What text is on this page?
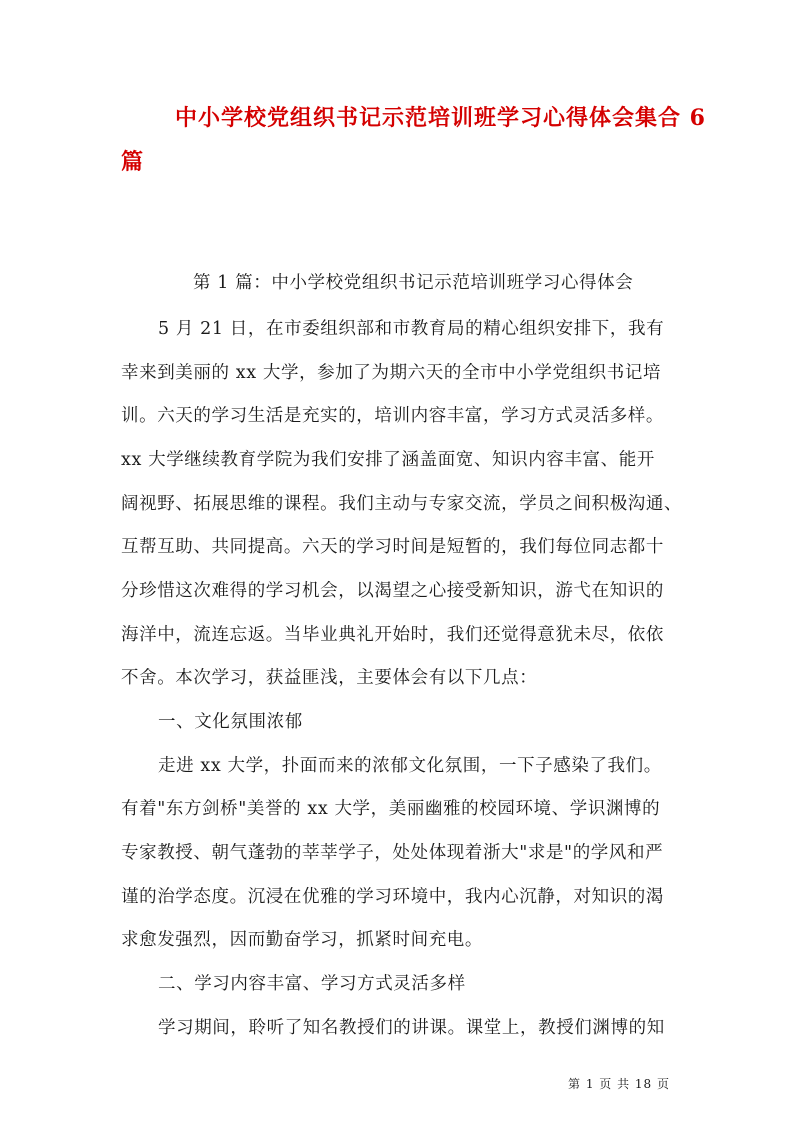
中小学校党组织书记示范培训班学习心得体会集合 6
篇
第 1 篇：中小学校党组织书记示范培训班学习心得体会
5 月 21 日，在市委组织部和市教育局的精心组织安排下，我有
幸来到美丽的 xx 大学，参加了为期六天的全市中小学党组织书记培
训。六天的学习生活是充实的，培训内容丰富，学习方式灵活多样。
xx 大学继续教育学院为我们安排了涵盖面宽、知识内容丰富、能开
阔视野、拓展思维的课程。我们主动与专家交流，学员之间积极沟通、
互帮互助、共同提高。六天的学习时间是短暂的，我们每位同志都十
分珍惜这次难得的学习机会，以渴望之心接受新知识，游弋在知识的
海洋中，流连忘返。当毕业典礼开始时，我们还觉得意犹未尽，依依
不舍。本次学习，获益匪浅，主要体会有以下几点：
一、文化氛围浓郁
走进 xx 大学，扑面而来的浓郁文化氛围，一下子感染了我们。
有着"东方剑桥"美誉的 xx 大学，美丽幽雅的校园环境、学识渊博的
专家教授、朝气蓬勃的莘莘学子，处处体现着浙大"求是"的学风和严
谨的治学态度。沉浸在优雅的学习环境中，我内心沉静，对知识的渴
求愈发强烈，因而勤奋学习，抓紧时间充电。
二、学习内容丰富、学习方式灵活多样
学习期间，聆听了知名教授们的讲课。课堂上，教授们渊博的知
第 1 页 共 18 页
